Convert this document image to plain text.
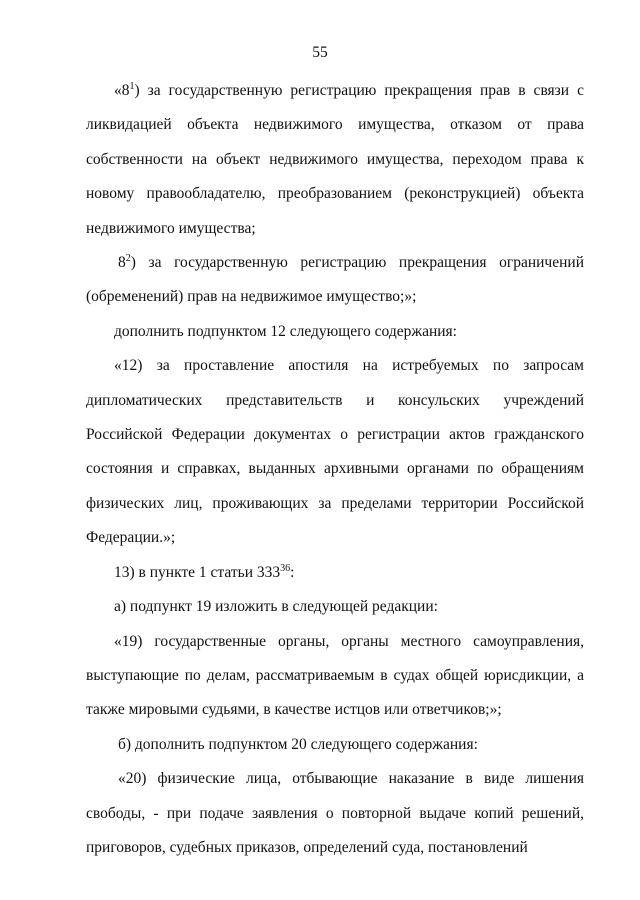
55

«$8^1$) за государственную регистрацию прекращения прав в связи с ликвидацией объекта недвижимого имущества, отказом от права собственности на объект недвижимого имущества, переходом права к новому правообладателю, преобразованием (реконструкцией) объекта недвижимого имущества;

$8^2$) за государственную регистрацию прекращения ограничений (обременений) прав на недвижимое имущество;»;

дополнить подпунктом 12 следующего содержания:

«12) за проставление апостиля на истребуемых по запросам дипломатических представительств и консульских учреждений Российской Федерации документах о регистрации актов гражданского состояния и справках, выданных архивными органами по обращениям физических лиц, проживающих за пределами территории Российской Федерации.»;

13) в пункте 1 статьи $333^{36}$:

а) подпункт 19 изложить в следующей редакции:

«19) государственные органы, органы местного самоуправления, выступающие по делам, рассматриваемым в судах общей юрисдикции, а также мировыми судьями, в качестве истцов или ответчиков;»;

б) дополнить подпунктом 20 следующего содержания:

«20) физические лица, отбывающие наказание в виде лишения свободы, - при подаче заявления о повторной выдаче копий решений, приговоров, судебных приказов, определений суда, постановлений
